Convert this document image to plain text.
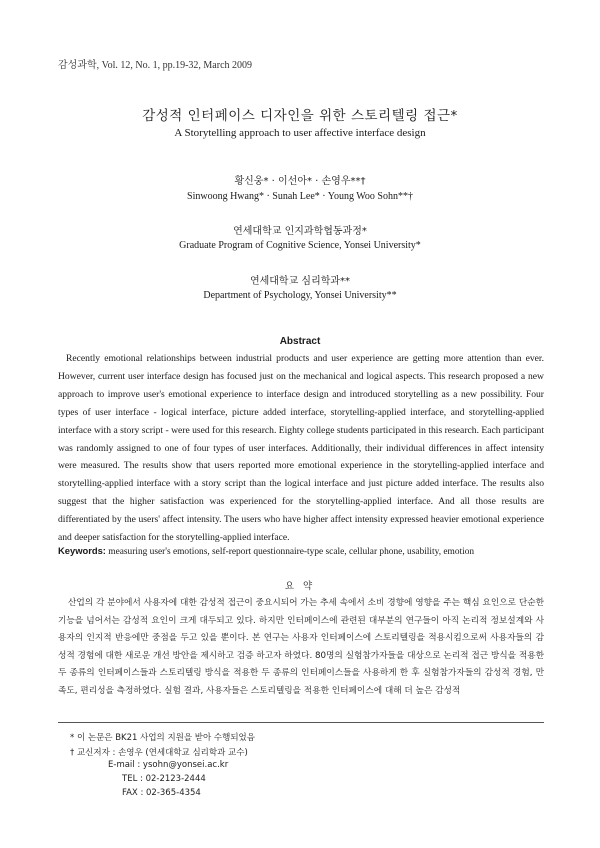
감성과학, Vol. 12, No. 1, pp.19-32, March 2009
감성적 인터페이스 디자인을 위한 스토리텔링 접근*
A Storytelling approach to user affective interface design
황신웅* · 이선아* · 손영우**†
Sinwoong Hwang* · Sunah Lee* · Young Woo Sohn**†
연세대학교 인지과학협동과정*
Graduate Program of Cognitive Science, Yonsei University*
연세대학교 심리학과**
Department of Psychology, Yonsei University**
Abstract
Recently emotional relationships between industrial products and user experience are getting more attention than ever. However, current user interface design has focused just on the mechanical and logical aspects. This research proposed a new approach to improve user's emotional experience to interface design and introduced storytelling as a new possibility. Four types of user interface - logical interface, picture added interface, storytelling-applied interface, and storytelling-applied interface with a story script - were used for this research. Eighty college students participated in this research. Each participant was randomly assigned to one of four types of user interfaces. Additionally, their individual differences in affect intensity were measured. The results show that users reported more emotional experience in the storytelling-applied interface and storytelling-applied interface with a story script than the logical interface and just picture added interface. The results also suggest that the higher satisfaction was experienced for the storytelling-applied interface. And all those results are differentiated by the users' affect intensity. The users who have higher affect intensity expressed heavier emotional experience and deeper satisfaction for the storytelling-applied interface.
Keywords: measuring user's emotions, self-report questionnaire-type scale, cellular phone, usability, emotion
요 약
산업의 각 분야에서 사용자에 대한 감성적 접근이 중요시되어 가는 추세 속에서 소비 경향에 영향을 주는 핵심 요인으로 단순한 기능을 넘어서는 감성적 요인이 크게 대두되고 있다. 하지만 인터페이스에 관련된 대부분의 연구들이 아직 논리적 정보설계와 사용자의 인지적 반응에만 중점을 두고 있을 뿐이다. 본 연구는 사용자 인터페이스에 스토리텔링을 적용시킴으로써 사용자들의 감성적 경험에 대한 새로운 개선 방안을 제시하고 검증 하고자 하였다. 80명의 실험참가자들을 대상으로 논리적 접근 방식을 적용한 두 종류의 인터페이스들과 스토리텔링 방식을 적용한 두 종류의 인터페이스들을 사용하게 한 후 실험참가자들의 감성적 경험, 만족도, 편리성을 측정하였다. 실험 결과, 사용자들은 스토리텔링을 적용한 인터페이스에 대해 더 높은 감성적
* 이 논문은 BK21 사업의 지원을 받아 수행되었음
† 교신저자 : 손영우 (연세대학교 심리학과 교수)
E-mail : ysohn@yonsei.ac.kr
TEL : 02-2123-2444
FAX : 02-365-4354
